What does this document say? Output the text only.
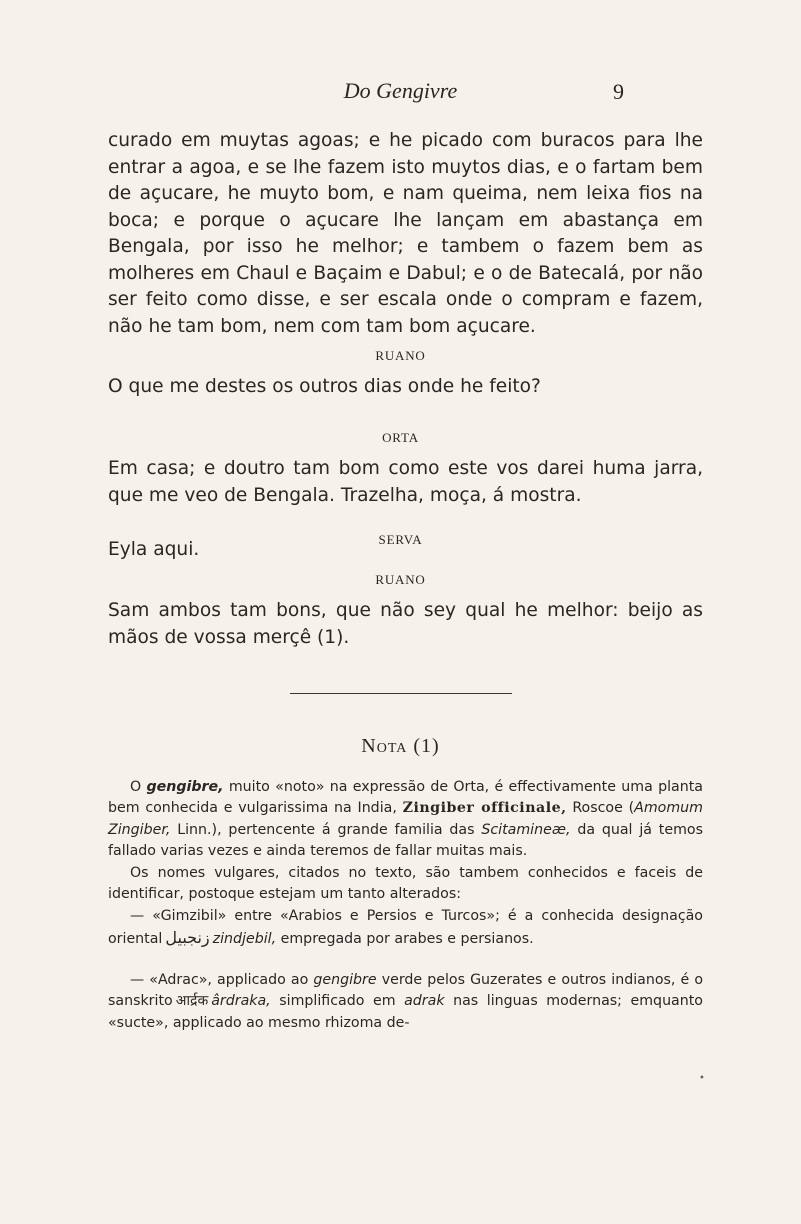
Do Gengivre	9

curado em muytas agoas; e he picado com buracos para lhe entrar a agoa, e se lhe fazem isto muytos dias, e o fartam bem de açucare, he muyto bom, e nam queima, nem leixa fios na boca; e porque o açucare lhe lançam em abastança em Bengala, por isso he melhor; e tambem o fazem bem as molheres em Chaul e Baçaim e Dabul; e o de Batecalá, por não ser feito como disse, e ser escala onde o compram e fazem, não he tam bom, nem com tam bom açucare.

RUANO

O que me destes os outros dias onde he feito?

ORTA

Em casa; e doutro tam bom como este vos darei huma jarra, que me veo de Bengala. Trazelha, moça, á mostra.

SERVA

Eyla aqui.

RUANO

Sam ambos tam bons, que não sey qual he melhor: beijo as mãos de vossa merçê (1).

Nota (1)

O gengibre, muito «noto» na expressão de Orta, é effectivamente uma planta bem conhecida e vulgarissima na India, Zingiber officinale, Roscoe (Amomum Zingiber, Linn.), pertencente á grande familia das Scitamineæ, da qual já temos fallado varias vezes e ainda teremos de fallar muitas mais.

Os nomes vulgares, citados no texto, são tambem conhecidos e faceis de identificar, postoque estejam um tanto alterados:

— «Gimzibil» entre «Arabios e Persios e Turcos»; é a conhecida designação oriental زنجبيل zindjebil, empregada por arabes e persianos.

— «Adrac», applicado ao gengibre verde pelos Guzerates e outros indianos, é o sanskrito आर्द्रक ârdraka, simplificado em adrak nas linguas modernas; emquanto «sucte», applicado ao mesmo rhizoma de-

•
